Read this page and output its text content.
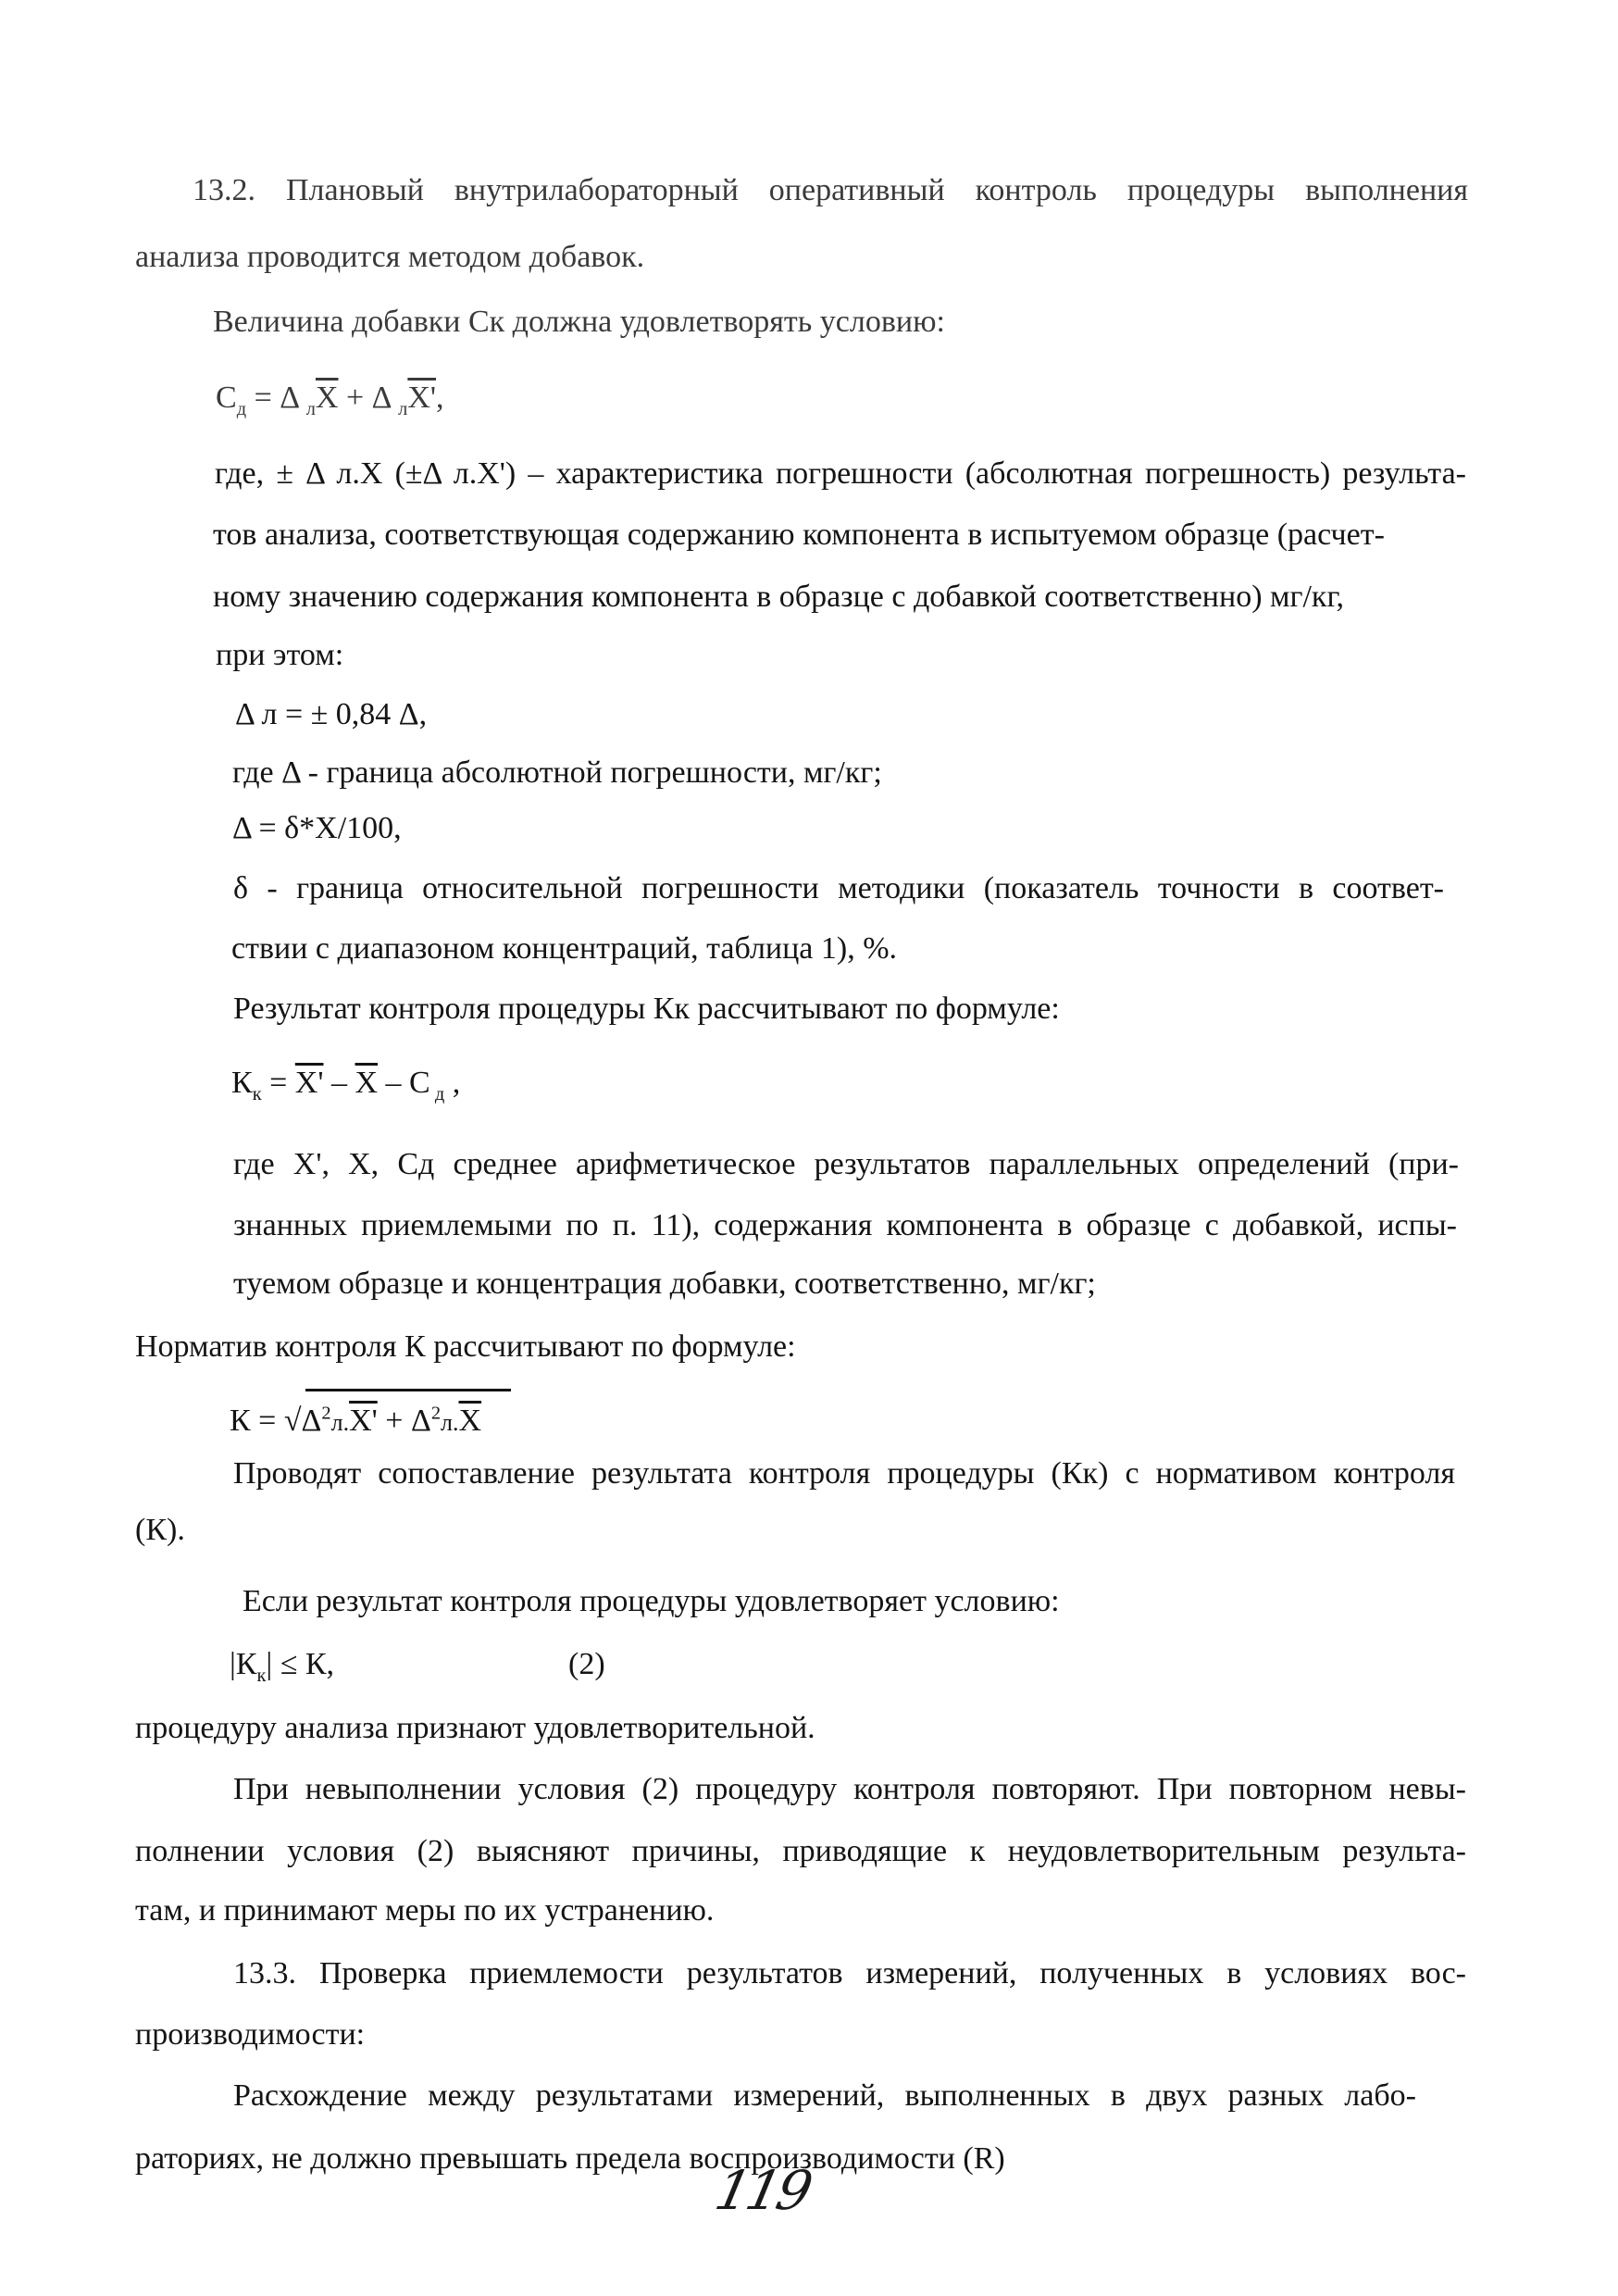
13.2. Плановый внутрилабораторный оперативный контроль процедуры выполнения
анализа проводится методом добавок.
Величина добавки Cк должна удовлетворять условию:
$С_д = \Delta$ $_л\overline{X} + \Delta$ $_л$X',
где, ± Δ л.X (±Δ л.X') – характеристика погрешности (абсолютная погрешность) результа-
тов анализа, соответствующая содержанию компонента в испытуемом образце (расчет-
ному значению содержания компонента в образце с добавкой соответственно) мг/кг,
при этом:
Δ л = ± 0,84 Δ,
где Δ - граница абсолютной погрешности, мг/кг;
Δ = δ*X/100,
δ - граница относительной погрешности методики (показатель точности в соответ-
ствии с диапазоном концентраций, таблица 1), %.
Результат контроля процедуры Кк рассчитывают по формуле:
$К_к = X' - \overline{X} - С$ $_д$ ,
где X', X, Сд среднее арифметическое результатов параллельных определений (при-
знанных приемлемыми по п. 11), содержания компонента в образце с добавкой, испы-
туемом образце и концентрация добавки, соответственно, мг/кг;
Норматив контроля К рассчитывают по формуле:
$К = √\Delta^2л.X' + \Delta^2л.\overline{X}$
Проводят сопоставление результата контроля процедуры (Кк) с нормативом контроля
(К).
Если результат контроля процедуры удовлетворяет условию:
$|К_к| \le К$,	(2)
процедуру анализа признают удовлетворительной.
При невыполнении условия (2) процедуру контроля повторяют. При повторном невы-
полнении условия (2) выясняют причины, приводящие к неудовлетворительным результа-
там, и принимают меры по их устранению.
13.3. Проверка приемлемости результатов измерений, полученных в условиях вос-
производимости:
Расхождение между результатами измерений, выполненных в двух разных лабо-
раториях, не должно превышать предела воспроизводимости (R)
119
